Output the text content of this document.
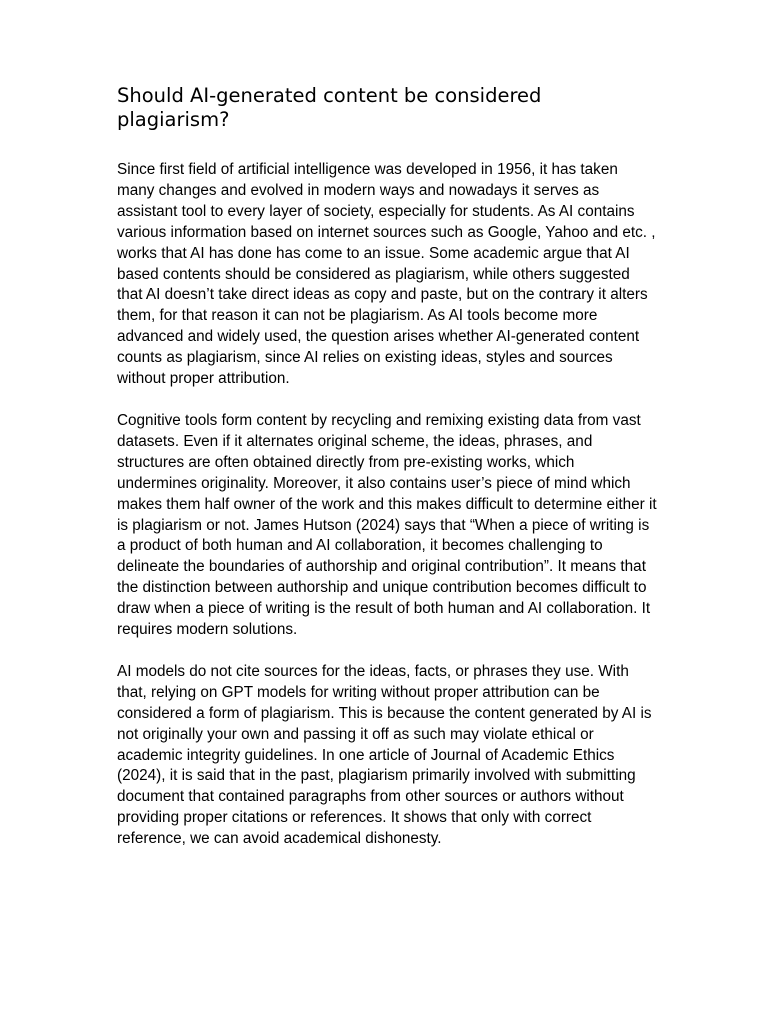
Should AI-generated content be considered plagiarism?

Since first field of artificial intelligence was developed in 1956, it has taken many changes and evolved in modern ways and nowadays it serves as assistant tool to every layer of society, especially for students. As AI contains various information based on internet sources such as Google, Yahoo and etc. , works that AI has done has come to an issue. Some academic argue that AI based contents should be considered as plagiarism, while others suggested that AI doesn’t take direct ideas as copy and paste, but on the contrary it alters them, for that reason it can not be plagiarism. As AI tools become more advanced and widely used, the question arises whether AI-generated content counts as plagiarism, since AI relies on existing ideas, styles and sources without proper attribution.

Cognitive tools form content by recycling and remixing existing data from vast datasets. Even if it alternates original scheme, the ideas, phrases, and structures are often obtained directly from pre-existing works, which undermines originality. Moreover, it also contains user’s piece of mind which makes them half owner of the work and this makes difficult to determine either it is plagiarism or not. James Hutson (2024) says that “When a piece of writing is a product of both human and AI collaboration, it becomes challenging to delineate the boundaries of authorship and original contribution”. It means that the distinction between authorship and unique contribution becomes difficult to draw when a piece of writing is the result of both human and AI collaboration. It requires modern solutions.

AI models do not cite sources for the ideas, facts, or phrases they use. With that, relying on GPT models for writing without proper attribution can be considered a form of plagiarism. This is because the content generated by AI is not originally your own and passing it off as such may violate ethical or academic integrity guidelines. In one article of Journal of Academic Ethics (2024), it is said that in the past, plagiarism primarily involved with submitting document that contained paragraphs from other sources or authors without providing proper citations or references. It shows that only with correct reference, we can avoid academical dishonesty.
